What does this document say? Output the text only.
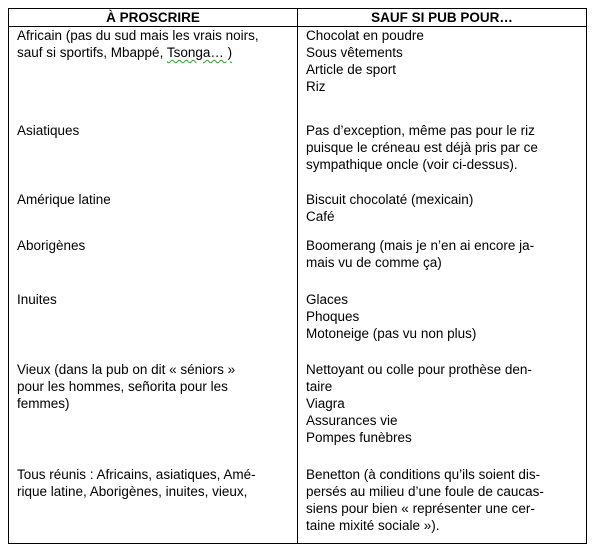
À PROSCRIRE	SAUF SI PUB POUR…

Africain (pas du sud mais les vrais noirs,
sauf si sportifs, Mbappé, Tsonga… )	Chocolat en poudre
Sous vêtements
Article de sport
Riz

Asiatiques	Pas d’exception, même pas pour le riz
puisque le créneau est déjà pris par ce
sympathique oncle (voir ci-dessus).

Amérique latine	Biscuit chocolaté (mexicain)
Café

Aborigènes	Boomerang (mais je n’en ai encore ja-
mais vu de comme ça)

Inuites	Glaces
Phoques
Motoneige (pas vu non plus)

Vieux (dans la pub on dit « séniors »
pour les hommes, señorita pour les
femmes)	Nettoyant ou colle pour prothèse den-
taire
Viagra
Assurances vie
Pompes funèbres

Tous réunis : Africains, asiatiques, Amé-
rique latine, Aborigènes, inuites, vieux,	Benetton (à conditions qu’ils soient dis-
persés au milieu d’une foule de caucas-
siens pour bien « représenter une cer-
taine mixité sociale »).
